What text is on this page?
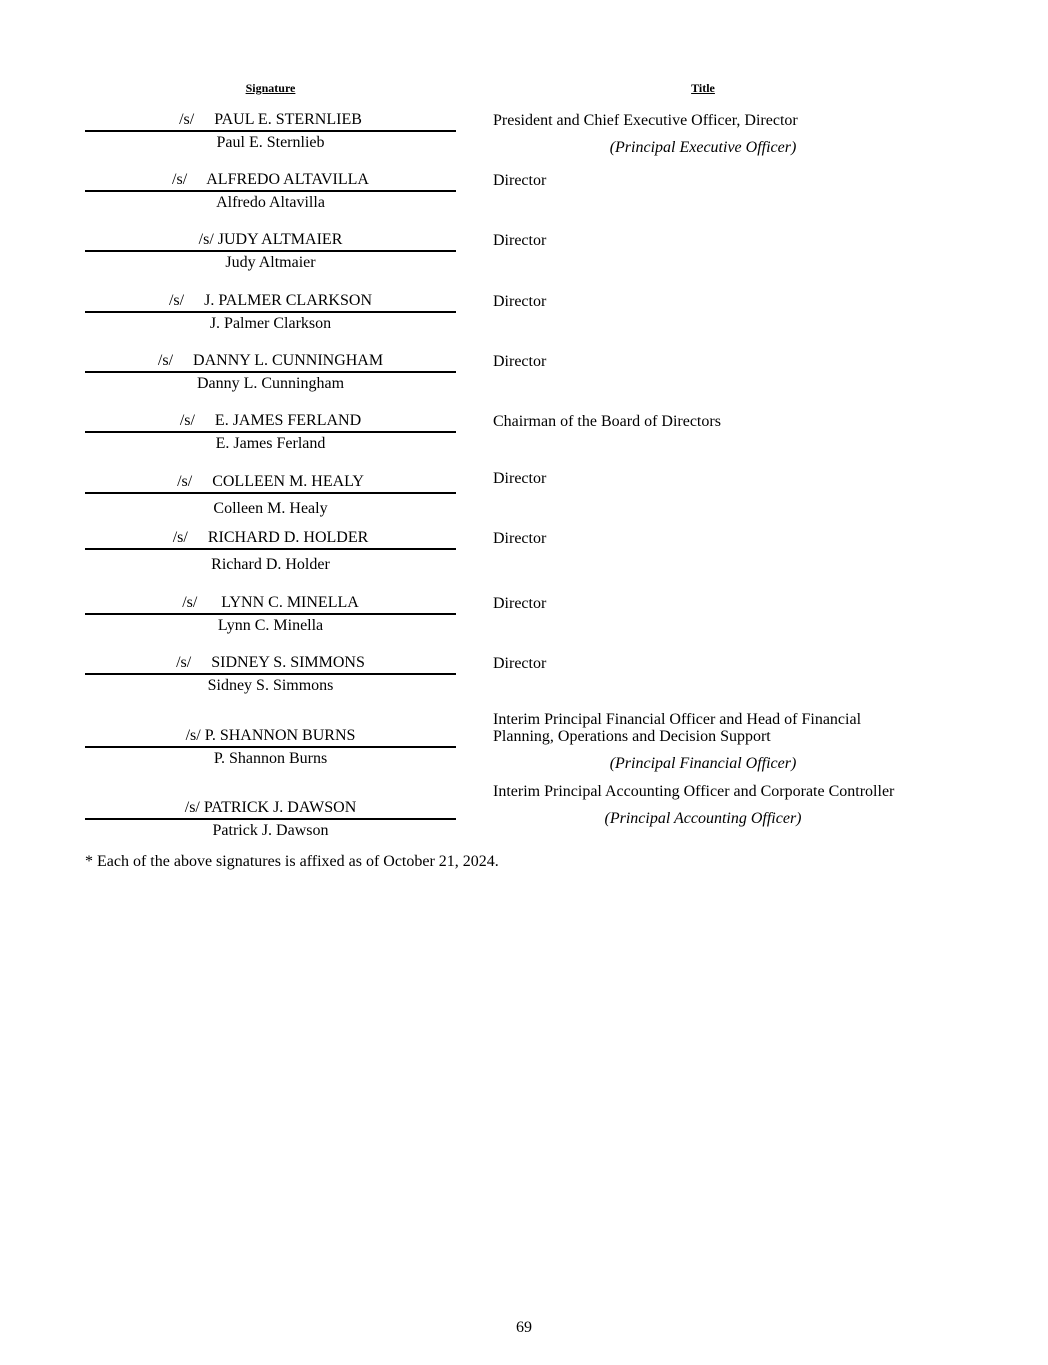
Signature	Title
/s/     PAUL E. STERNLIEB
Paul E. Sternlieb
President and Chief Executive Officer, Director
(Principal Executive Officer)
/s/     ALFREDO ALTAVILLA
Alfredo Altavilla
Director
/s/ JUDY ALTMAIER
Judy Altmaier
Director
/s/     J. PALMER CLARKSON
J. Palmer Clarkson
Director
/s/     DANNY L. CUNNINGHAM
Danny L. Cunningham
Director
/s/     E. JAMES FERLAND
E. James Ferland
Chairman of the Board of Directors
/s/     COLLEEN M. HEALY
Colleen M. Healy
Director
/s/     RICHARD D. HOLDER
Richard D. Holder
Director
/s/      LYNN C. MINELLA
Lynn C. Minella
Director
/s/     SIDNEY S. SIMMONS
Sidney S. Simmons
Director
/s/ P. SHANNON BURNS
P. Shannon Burns
Interim Principal Financial Officer and Head of Financial Planning, Operations and Decision Support
(Principal Financial Officer)
/s/ PATRICK J. DAWSON
Patrick J. Dawson
Interim Principal Accounting Officer and Corporate Controller
(Principal Accounting Officer)
* Each of the above signatures is affixed as of October 21, 2024.
69
